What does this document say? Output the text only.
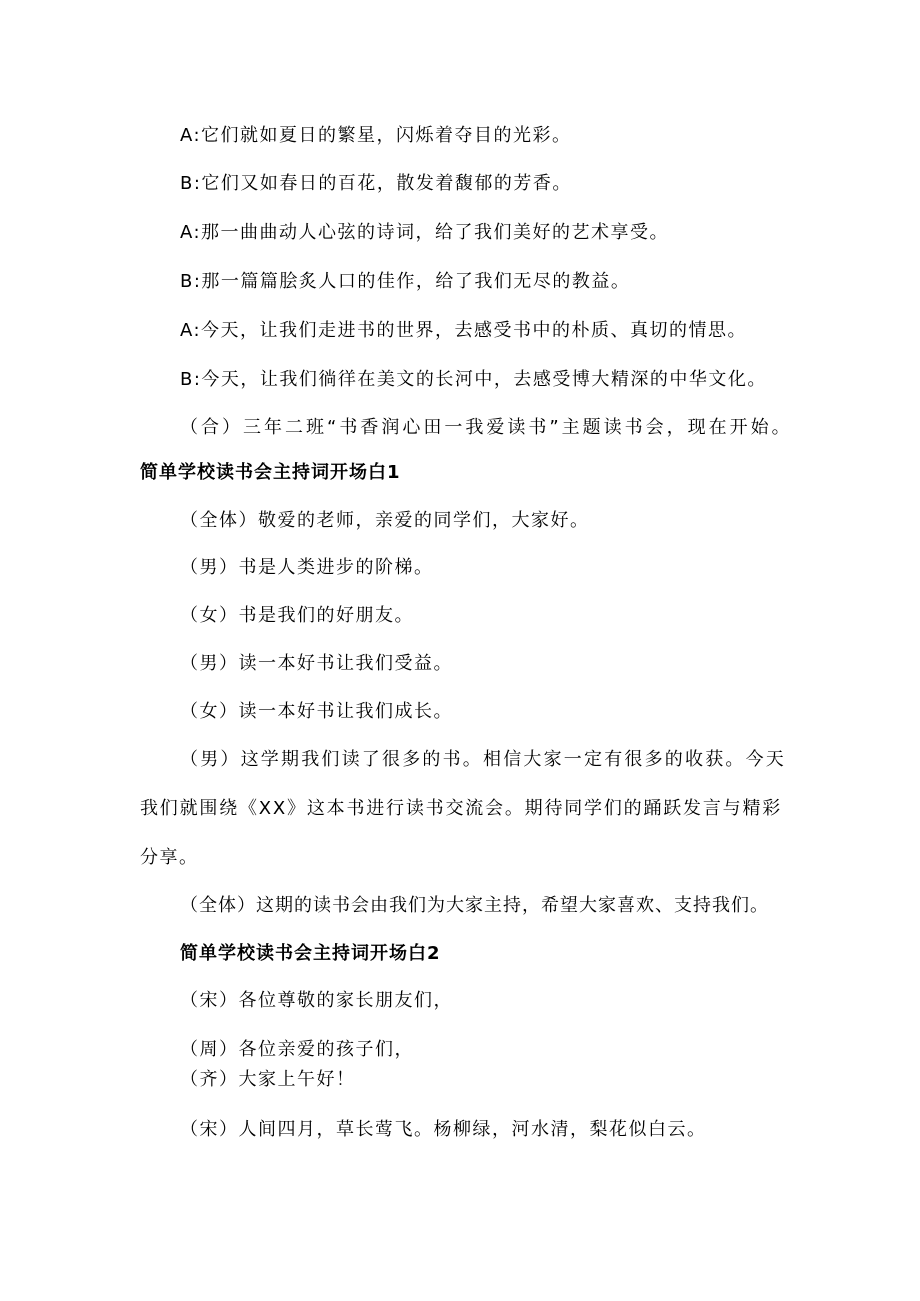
A:它们就如夏日的繁星，闪烁着夺目的光彩。
B:它们又如春日的百花，散发着馥郁的芳香。
A:那一曲曲动人心弦的诗词，给了我们美好的艺术享受。
B:那一篇篇脍炙人口的佳作，给了我们无尽的教益。
A:今天，让我们走进书的世界，去感受书中的朴质、真切的情思。
B:今天，让我们徜徉在美文的长河中，去感受博大精深的中华文化。
（合）三年二班“书香润心田一我爱读书”主题读书会，现在开始。
简单学校读书会主持词开场白1
（全体）敬爱的老师，亲爱的同学们，大家好。
（男）书是人类进步的阶梯。
（女）书是我们的好朋友。
（男）读一本好书让我们受益。
（女）读一本好书让我们成长。
（男）这学期我们读了很多的书。相信大家一定有很多的收获。今天
我们就围绕《XX》这本书进行读书交流会。期待同学们的踊跃发言与精彩
分享。
（全体）这期的读书会由我们为大家主持，希望大家喜欢、支持我们。
简单学校读书会主持词开场白2
（宋）各位尊敬的家长朋友们，
（周）各位亲爱的孩子们，
（齐）大家上午好！
（宋）人间四月，草长莺飞。杨柳绿，河水清，梨花似白云。
